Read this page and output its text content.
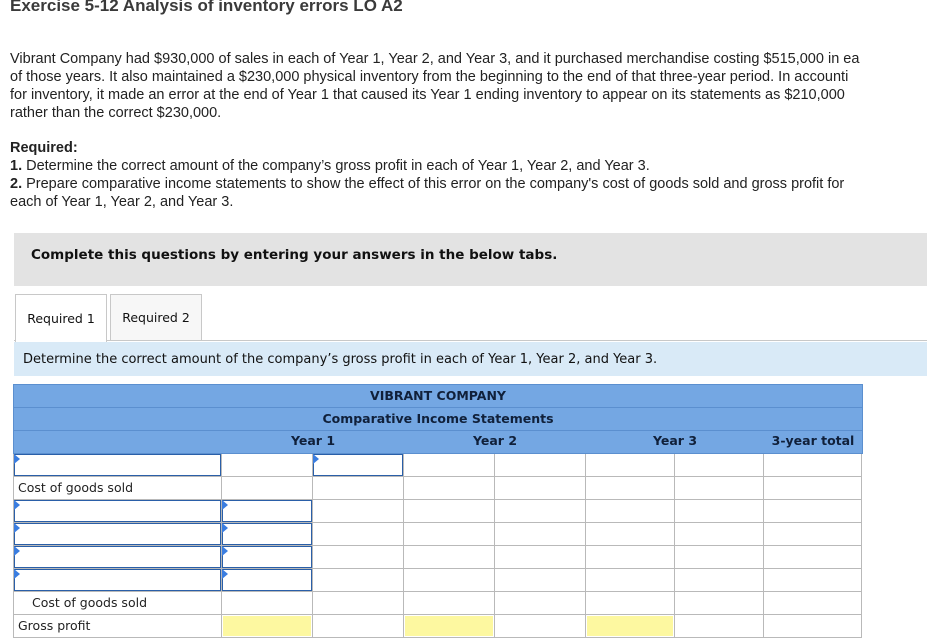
Exercise 5-12 Analysis of inventory errors LO A2

Vibrant Company had $930,000 of sales in each of Year 1, Year 2, and Year 3, and it purchased merchandise costing $515,000 in ea

of those years. It also maintained a $230,000 physical inventory from the beginning to the end of that three-year period. In accounti

for inventory, it made an error at the end of Year 1 that caused its Year 1 ending inventory to appear on its statements as $210,000

rather than the correct $230,000.

Required:
1. Determine the correct amount of the company’s gross profit in each of Year 1, Year 2, and Year 3.
2. Prepare comparative income statements to show the effect of this error on the company's cost of goods sold and gross profit for
each of Year 1, Year 2, and Year 3.
Complete this questions by entering your answers in the below tabs.
Required 1	Required 2
Determine the correct amount of the company’s gross profit in each of Year 1, Year 2, and Year 3.
VIBRANT COMPANY
Comparative Income Statements
Year 1	Year 2	Year 3	3-year total
Cost of goods sold
Cost of goods sold
Gross profit
